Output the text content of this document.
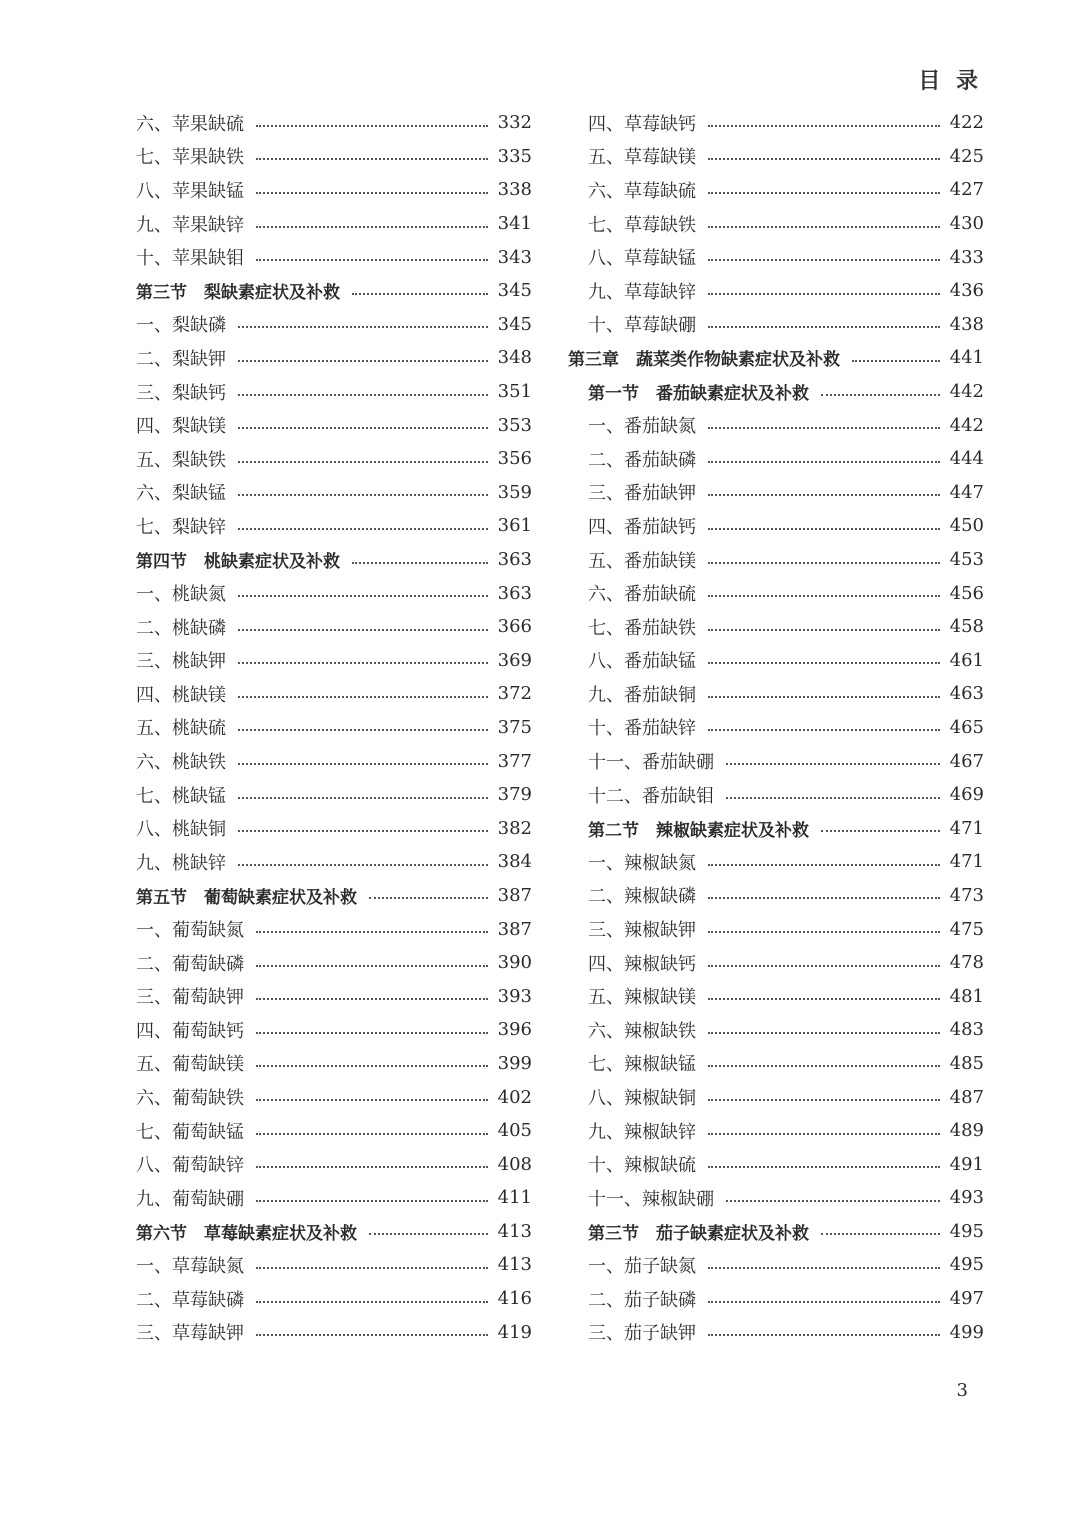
目 录
六、苹果缺硫	332
七、苹果缺铁	335
八、苹果缺锰	338
九、苹果缺锌	341
十、苹果缺钼	343
第三节　梨缺素症状及补救	345
一、梨缺磷	345
二、梨缺钾	348
三、梨缺钙	351
四、梨缺镁	353
五、梨缺铁	356
六、梨缺锰	359
七、梨缺锌	361
第四节　桃缺素症状及补救	363
一、桃缺氮	363
二、桃缺磷	366
三、桃缺钾	369
四、桃缺镁	372
五、桃缺硫	375
六、桃缺铁	377
七、桃缺锰	379
八、桃缺铜	382
九、桃缺锌	384
第五节　葡萄缺素症状及补救	387
一、葡萄缺氮	387
二、葡萄缺磷	390
三、葡萄缺钾	393
四、葡萄缺钙	396
五、葡萄缺镁	399
六、葡萄缺铁	402
七、葡萄缺锰	405
八、葡萄缺锌	408
九、葡萄缺硼	411
第六节　草莓缺素症状及补救	413
一、草莓缺氮	413
二、草莓缺磷	416
三、草莓缺钾	419
四、草莓缺钙	422
五、草莓缺镁	425
六、草莓缺硫	427
七、草莓缺铁	430
八、草莓缺锰	433
九、草莓缺锌	436
十、草莓缺硼	438
第三章　蔬菜类作物缺素症状及补救	441
第一节　番茄缺素症状及补救	442
一、番茄缺氮	442
二、番茄缺磷	444
三、番茄缺钾	447
四、番茄缺钙	450
五、番茄缺镁	453
六、番茄缺硫	456
七、番茄缺铁	458
八、番茄缺锰	461
九、番茄缺铜	463
十、番茄缺锌	465
十一、番茄缺硼	467
十二、番茄缺钼	469
第二节　辣椒缺素症状及补救	471
一、辣椒缺氮	471
二、辣椒缺磷	473
三、辣椒缺钾	475
四、辣椒缺钙	478
五、辣椒缺镁	481
六、辣椒缺铁	483
七、辣椒缺锰	485
八、辣椒缺铜	487
九、辣椒缺锌	489
十、辣椒缺硫	491
十一、辣椒缺硼	493
第三节　茄子缺素症状及补救	495
一、茄子缺氮	495
二、茄子缺磷	497
三、茄子缺钾	499
3
